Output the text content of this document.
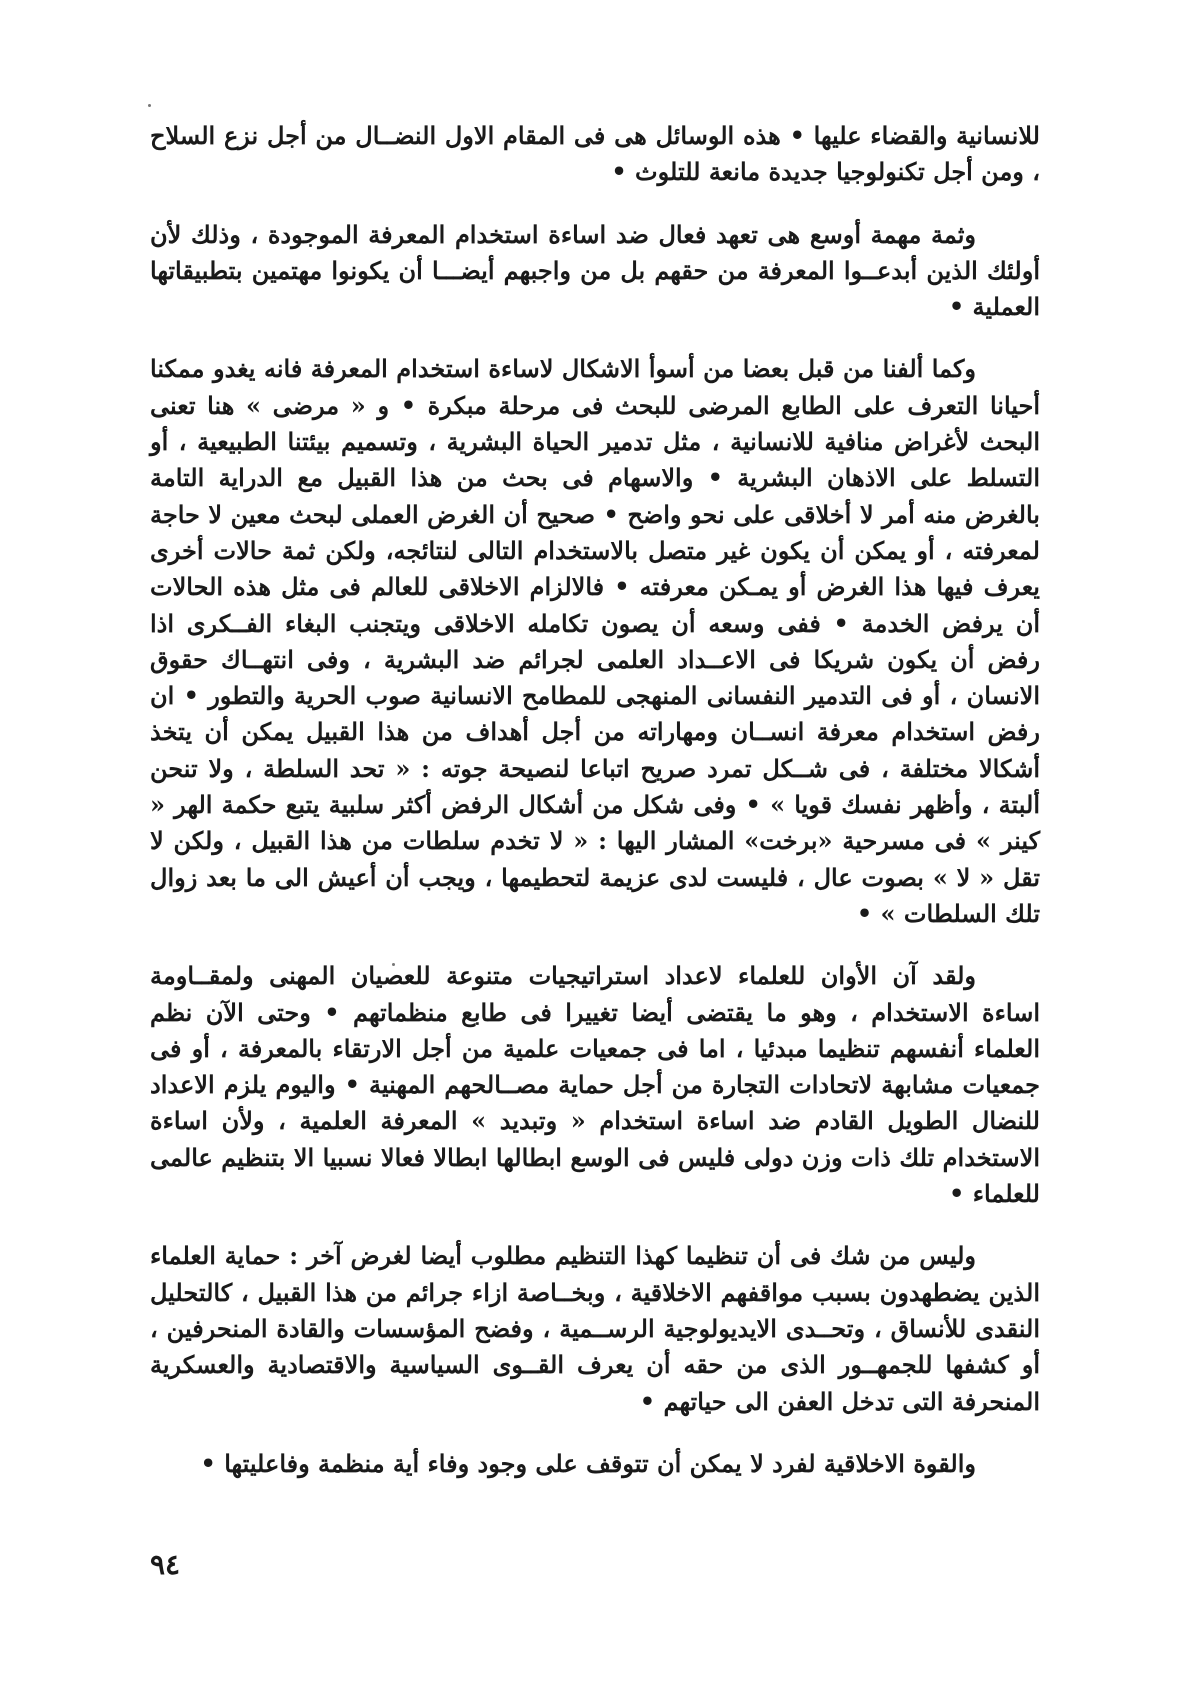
للانسانية والقضاء عليها • هذه الوسائل هى فى المقام الاول النضــال من أجل نزع السلاح ، ومن أجل تكنولوجيا جديدة مانعة للتلوث •

وثمة مهمة أوسع هى تعهد فعال ضد اساءة استخدام المعرفة الموجودة ، وذلك لأن أولئك الذين أبدعــوا المعرفة من حقهم بل من واجبهم أيضـــا أن يكونوا مهتمين بتطبيقاتها العملية •

وكما ألفنا من قبل بعضا من أسوأ الاشكال لاساءة استخدام المعرفة فانه يغدو ممكنا أحيانا التعرف على الطابع المرضى للبحث فى مرحلة مبكرة • و « مرضى » هنا تعنى البحث لأغراض منافية للانسانية ، مثل تدمير الحياة البشرية ، وتسميم بيئتنا الطبيعية ، أو التسلط على الاذهان البشرية • والاسهام فى بحث من هذا القبيل مع الدراية التامة بالغرض منه أمر لا أخلاقى على نحو واضح • صحيح أن الغرض العملى لبحث معين لا حاجة لمعرفته ، أو يمكن أن يكون غير متصل بالاستخدام التالى لنتائجه، ولكن ثمة حالات أخرى يعرف فيها هذا الغرض أو يمـكن معرفته • فالالزام الاخلاقى للعالم فى مثل هذه الحالات أن يرفض الخدمة • ففى وسعه أن يصون تكامله الاخلاقى ويتجنب البغاء الفــكرى اذا رفض أن يكون شريكا فى الاعــداد العلمى لجرائم ضد البشرية ، وفى انتهــاك حقوق الانسان ، أو فى التدمير النفسانى المنهجى للمطامح الانسانية صوب الحرية والتطور • ان رفض استخدام معرفة انســان ومهاراته من أجل أهداف من هذا القبيل يمكن أن يتخذ أشكالا مختلفة ، فى شــكل تمرد صريح اتباعا لنصيحة جوته : « تحد السلطة ، ولا تنحن ألبتة ، وأظهر نفسك قويا » • وفى شكل من أشكال الرفض أكثر سلبية يتبع حكمة الهر « كينر » فى مسرحية «برخت» المشار اليها : « لا تخدم سلطات من هذا القبيل ، ولكن لا تقل « لا » بصوت عال ، فليست لدى عزيمة لتحطيمها ، ويجب أن أعيش الى ما بعد زوال تلك السلطات » •

ولقد آن الأوان للعلماء لاعداد استراتيجيات متنوعة للعصيان المهنى ولمقــاومة اساءة الاستخدام ، وهو ما يقتضى أيضا تغييرا فى طابع منظماتهم • وحتى الآن نظم العلماء أنفسهم تنظيما مبدئيا ، اما فى جمعيات علمية من أجل الارتقاء بالمعرفة ، أو فى جمعيات مشابهة لاتحادات التجارة من أجل حماية مصــالحهم المهنية • واليوم يلزم الاعداد للنضال الطويل القادم ضد اساءة استخدام « وتبديد » المعرفة العلمية ، ولأن اساءة الاستخدام تلك ذات وزن دولى فليس فى الوسع ابطالها ابطالا فعالا نسبيا الا بتنظيم عالمى للعلماء •

وليس من شك فى أن تنظيما كهذا التنظيم مطلوب أيضا لغرض آخر : حماية العلماء الذين يضطهدون بسبب مواقفهم الاخلاقية ، وبخــاصة ازاء جرائم من هذا القبيل ، كالتحليل النقدى للأنساق ، وتحــدى الايديولوجية الرســمية ، وفضح المؤسسات والقادة المنحرفين ، أو كشفها للجمهــور الذى من حقه أن يعرف القــوى السياسية والاقتصادية والعسكرية المنحرفة التى تدخل العفن الى حياتهم •

والقوة الاخلاقية لفرد لا يمكن أن تتوقف على وجود وفاء أية منظمة وفاعليتها •

٩٤
